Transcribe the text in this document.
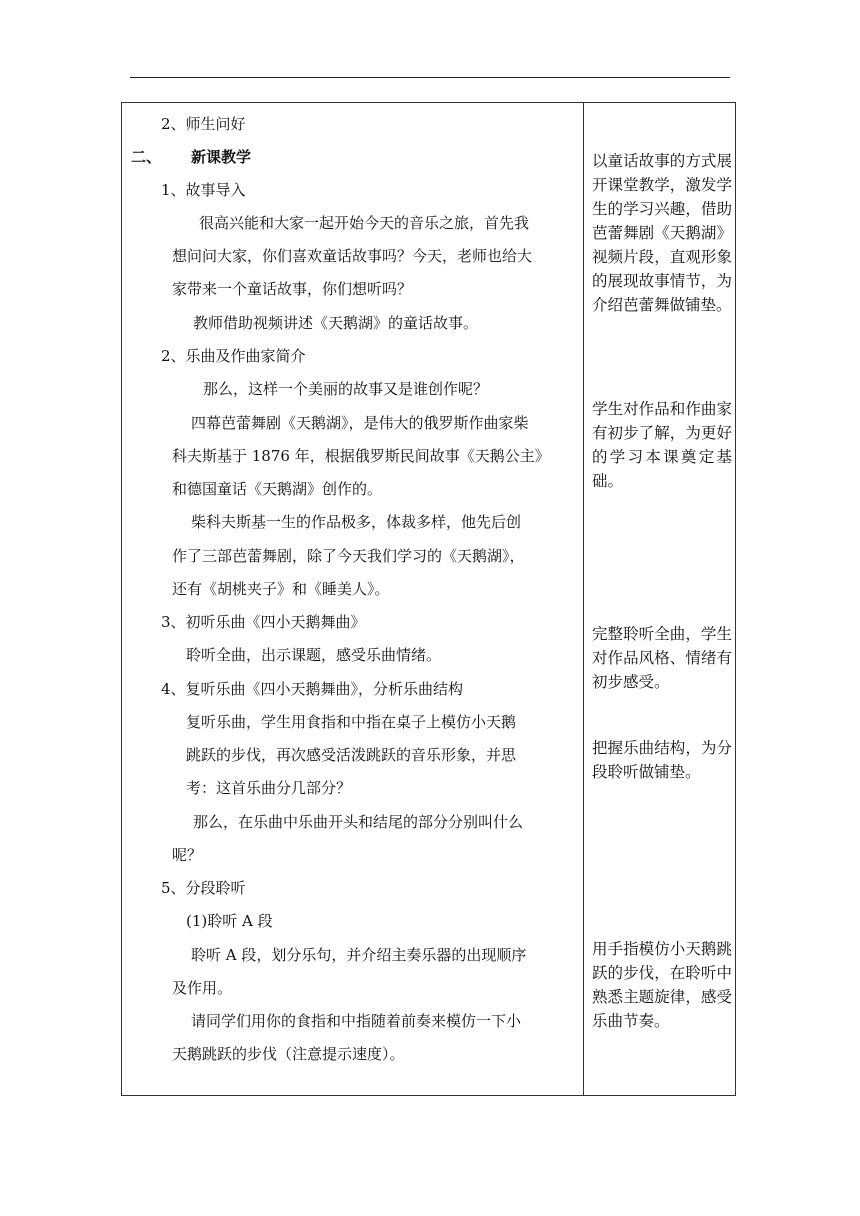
2、师生问好
二、 新课教学
1、故事导入
很高兴能和大家一起开始今天的音乐之旅，首先我
想问问大家，你们喜欢童话故事吗？今天，老师也给大
家带来一个童话故事，你们想听吗？
教师借助视频讲述《天鹅湖》的童话故事。
2、乐曲及作曲家简介
那么，这样一个美丽的故事又是谁创作呢？
四幕芭蕾舞剧《天鹅湖》，是伟大的俄罗斯作曲家柴
科夫斯基于 1876 年，根据俄罗斯民间故事《天鹅公主》
和德国童话《天鹅湖》创作的。
柴科夫斯基一生的作品极多，体裁多样，他先后创
作了三部芭蕾舞剧，除了今天我们学习的《天鹅湖》，
还有《胡桃夹子》和《睡美人》。
3、初听乐曲《四小天鹅舞曲》
聆听全曲，出示课题，感受乐曲情绪。
4、复听乐曲《四小天鹅舞曲》，分析乐曲结构
复听乐曲，学生用食指和中指在桌子上模仿小天鹅
跳跃的步伐，再次感受活泼跳跃的音乐形象，并思
考：这首乐曲分几部分？
那么，在乐曲中乐曲开头和结尾的部分分别叫什么
呢？
5、分段聆听
(1)聆听 A 段
聆听 A 段，划分乐句，并介绍主奏乐器的出现顺序
及作用。
请同学们用你的食指和中指随着前奏来模仿一下小
天鹅跳跃的步伐（注意提示速度）。
以童话故事的方式展开课堂教学，激发学生的学习兴趣，借助芭蕾舞剧《天鹅湖》视频片段，直观形象的展现故事情节，为介绍芭蕾舞做铺垫。
学生对作品和作曲家有初步了解，为更好的学习本课奠定基础。
完整聆听全曲，学生对作品风格、情绪有初步感受。
把握乐曲结构，为分段聆听做铺垫。
用手指模仿小天鹅跳跃的步伐，在聆听中熟悉主题旋律，感受乐曲节奏。
